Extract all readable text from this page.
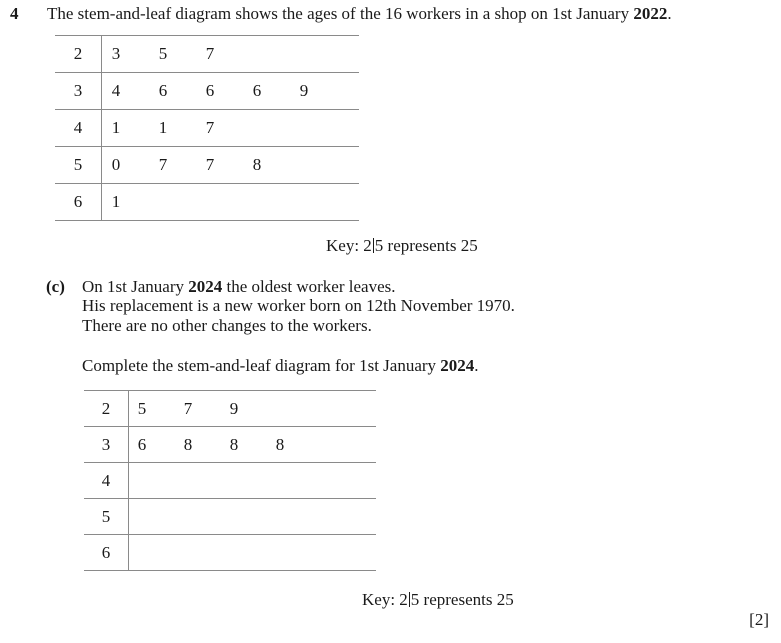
4 The stem-and-leaf diagram shows the ages of the 16 workers in a shop on 1st January 2022.
2	3 5 7

3	4 6 6 6 9

4	1 1 7

5	0 7 7 8

6	1
Key: 2 5 represents 25
(c) On 1st January 2024 the oldest worker leaves.
His replacement is a new worker born on 12th November 1970.
There are no other changes to the workers.
Complete the stem-and-leaf diagram for 1st January 2024.
2	5 7 9

3	6 8 8 8

4	
5	
6	
Key: 2 5 represents 25
[2]
